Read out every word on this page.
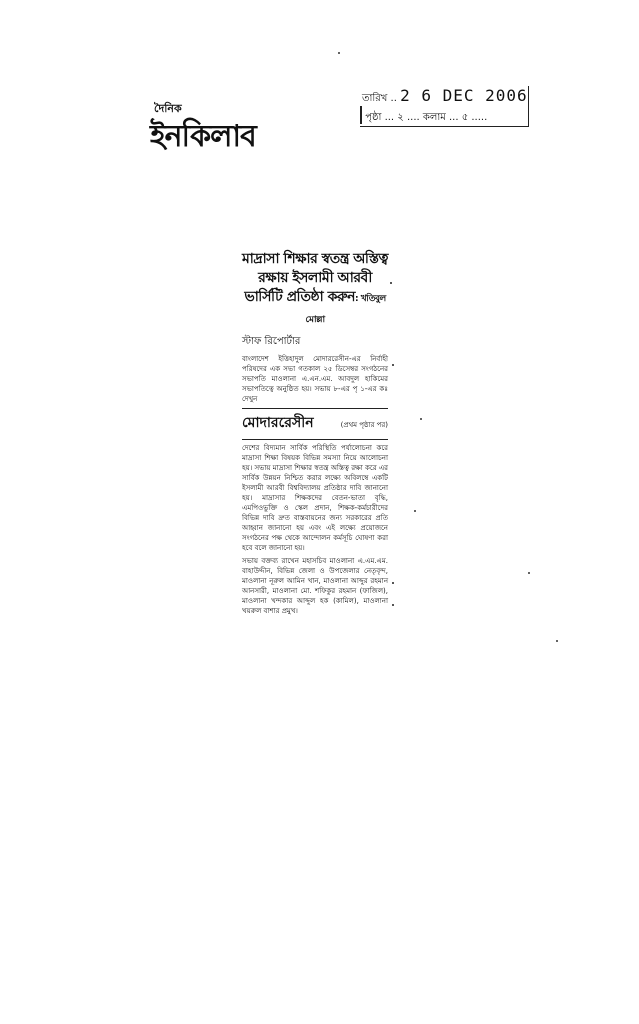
দৈনিক
ইনকিলাব
তারিখ .. 2 6 DEC 2006
পৃষ্ঠা ... ২ .... কলাম ... ৫ .....
মাদ্রাসা শিক্ষার স্বতন্ত্র অস্তিত্ব রক্ষায় ইসলামী আরবী ভার্সিটি প্রতিষ্ঠা করুন: খতিবুল মোল্লা
স্টাফ রিপোর্টার
বাংলাদেশ ইত্তিহাদুল মোদাররেসীন-এর নির্বাহী পরিষদের এক সভা গতকাল ২৫ ডিসেম্বর সংগঠনের সভাপতি মাওলানা এ.এন.এম. আবদুল হাকিমের সভাপতিত্বে অনুষ্ঠিত হয়। সভায় ৮-এর পৃ ১-এর কঃ দেখুন
মোদাররেসীন	(প্রথম পৃষ্ঠার পর)
দেশের বিদ্যমান সার্বিক পরিস্থিতি পর্যালোচনা করে মাদ্রাসা শিক্ষা বিষয়ক বিভিন্ন সমস্যা নিয়ে আলোচনা হয়। সভায় মাদ্রাসা শিক্ষার স্বতন্ত্র অস্তিত্ব রক্ষা করে এর সার্বিক উন্নয়ন নিশ্চিত করার লক্ষ্যে অবিলম্বে একটি ইসলামী আরবী বিশ্ববিদ্যালয় প্রতিষ্ঠার দাবি জানানো হয়। মাদ্রাসার শিক্ষকদের বেতন-ভাতা বৃদ্ধি, এমপিওভুক্তি ও স্কেল প্রদান, শিক্ষক-কর্মচারীদের বিভিন্ন দাবি দ্রুত বাস্তবায়নের জন্য সরকারের প্রতি আহ্বান জানানো হয় এবং এই লক্ষ্যে প্রয়োজনে সংগঠনের পক্ষ থেকে আন্দোলন কর্মসূচি ঘোষণা করা হবে বলে জানানো হয়।
সভায় বক্তব্য রাখেন মহাসচিব মাওলানা এ.এম.এম. বাহাউদ্দীন, বিভিন্ন জেলা ও উপজেলার নেতৃবৃন্দ, মাওলানা নূরুল আমিন খান, মাওলানা আব্দুর রহমান আনসারী, মাওলানা মো. শফিকুর রহমান (ফাজিল), মাওলানা খন্দকার আব্দুল হক (কামিল), মাওলানা খয়রুল বাশার প্রমুখ।
